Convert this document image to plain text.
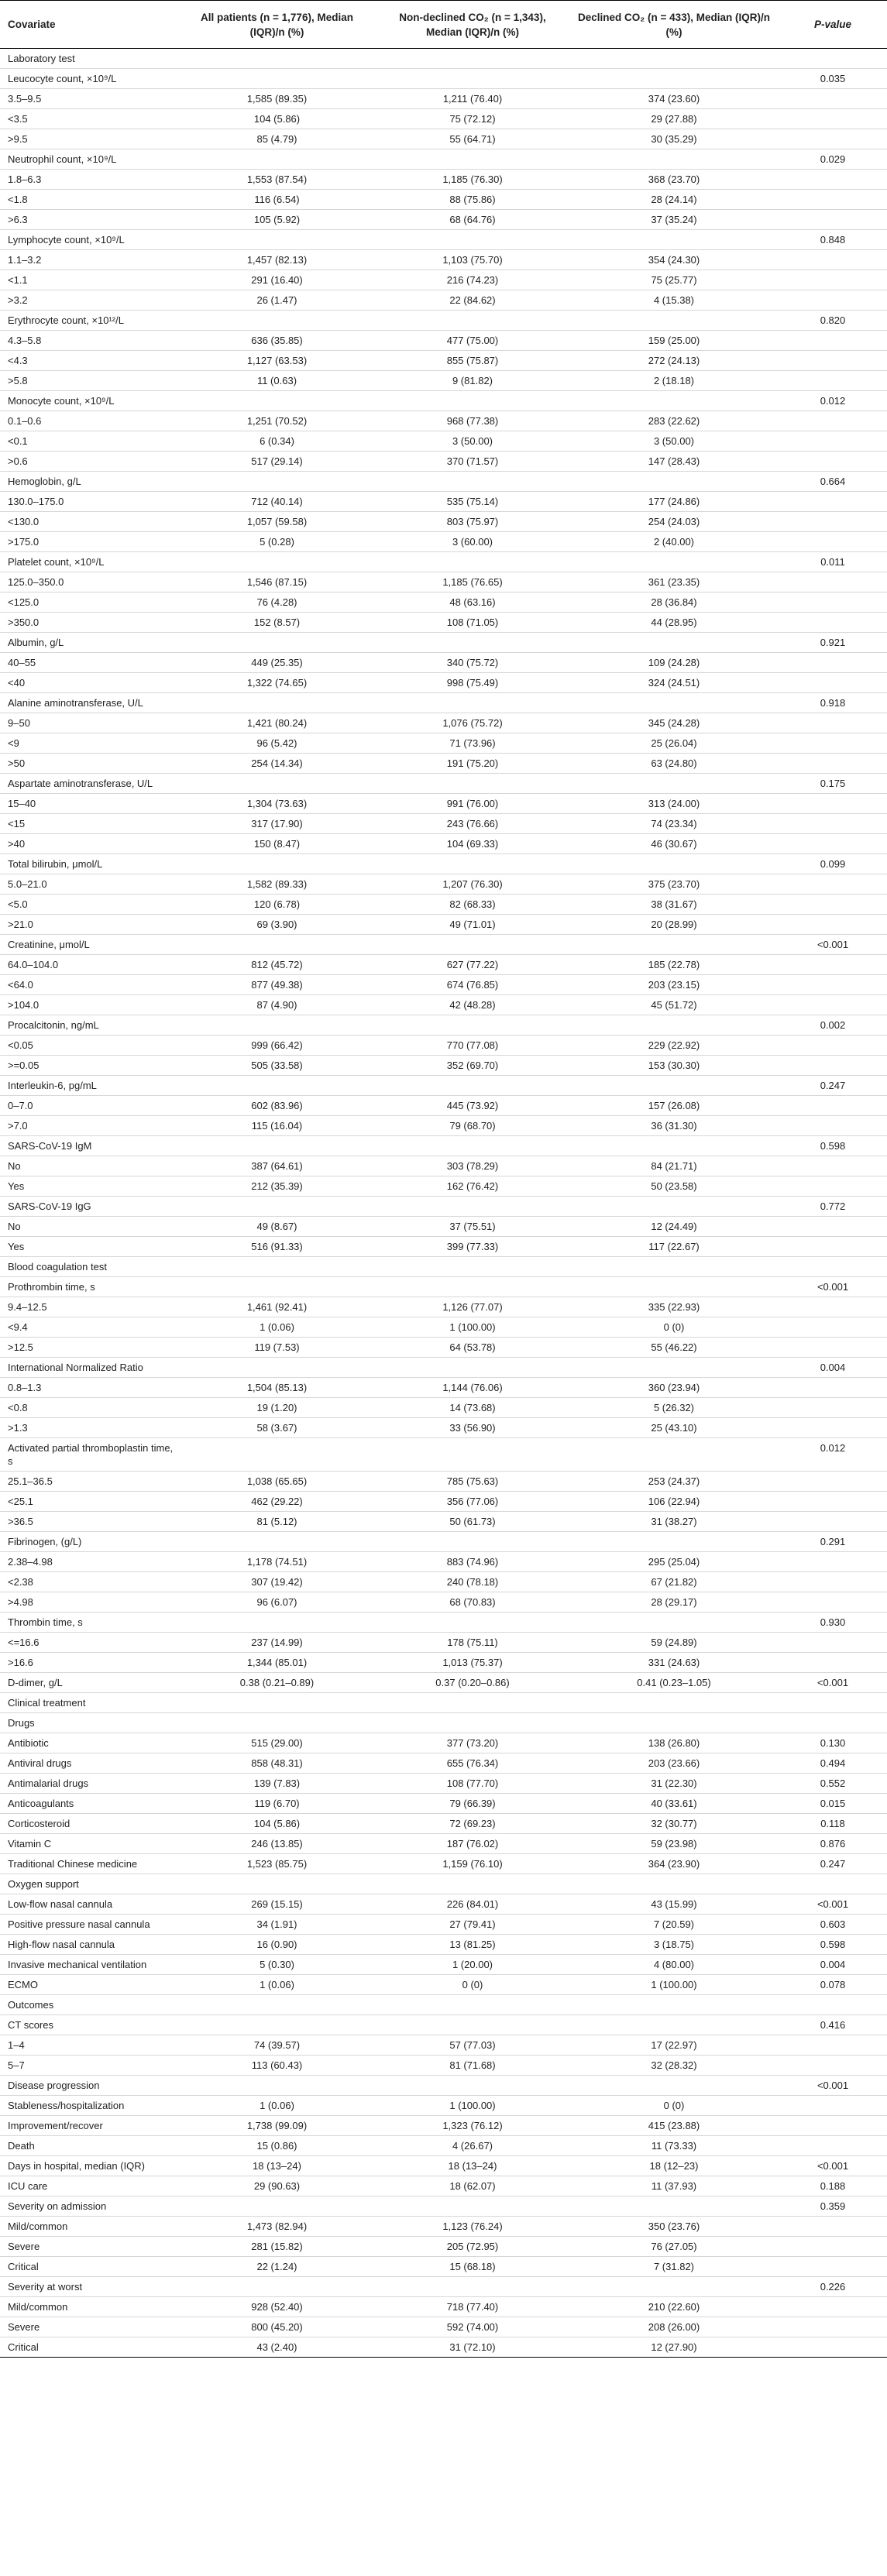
Covariate	All patients (n = 1,776), Median (IQR)/n (%)	Non-declined CO₂ (n = 1,343), Median (IQR)/n (%)	Declined CO₂ (n = 433), Median (IQR)/n (%)	P-value
Laboratory test				
Leucocyte count, ×10⁹/L				0.035
3.5–9.5	1,585 (89.35)	1,211 (76.40)	374 (23.60)	
<3.5	104 (5.86)	75 (72.12)	29 (27.88)	
>9.5	85 (4.79)	55 (64.71)	30 (35.29)	
Neutrophil count, ×10⁹/L				0.029
1.8–6.3	1,553 (87.54)	1,185 (76.30)	368 (23.70)	
<1.8	116 (6.54)	88 (75.86)	28 (24.14)	
>6.3	105 (5.92)	68 (64.76)	37 (35.24)	
Lymphocyte count, ×10⁹/L				0.848
1.1–3.2	1,457 (82.13)	1,103 (75.70)	354 (24.30)	
<1.1	291 (16.40)	216 (74.23)	75 (25.77)	
>3.2	26 (1.47)	22 (84.62)	4 (15.38)	
Erythrocyte count, ×10¹²/L				0.820
4.3–5.8	636 (35.85)	477 (75.00)	159 (25.00)	
<4.3	1,127 (63.53)	855 (75.87)	272 (24.13)	
>5.8	11 (0.63)	9 (81.82)	2 (18.18)	
Monocyte count, ×10⁹/L				0.012
0.1–0.6	1,251 (70.52)	968 (77.38)	283 (22.62)	
<0.1	6 (0.34)	3 (50.00)	3 (50.00)	
>0.6	517 (29.14)	370 (71.57)	147 (28.43)	
Hemoglobin, g/L				0.664
130.0–175.0	712 (40.14)	535 (75.14)	177 (24.86)	
<130.0	1,057 (59.58)	803 (75.97)	254 (24.03)	
>175.0	5 (0.28)	3 (60.00)	2 (40.00)	
Platelet count, ×10⁹/L				0.011
125.0–350.0	1,546 (87.15)	1,185 (76.65)	361 (23.35)	
<125.0	76 (4.28)	48 (63.16)	28 (36.84)	
>350.0	152 (8.57)	108 (71.05)	44 (28.95)	
Albumin, g/L				0.921
40–55	449 (25.35)	340 (75.72)	109 (24.28)	
<40	1,322 (74.65)	998 (75.49)	324 (24.51)	
Alanine aminotransferase, U/L				0.918
9–50	1,421 (80.24)	1,076 (75.72)	345 (24.28)	
<9	96 (5.42)	71 (73.96)	25 (26.04)	
>50	254 (14.34)	191 (75.20)	63 (24.80)	
Aspartate aminotransferase, U/L				0.175
15–40	1,304 (73.63)	991 (76.00)	313 (24.00)	
<15	317 (17.90)	243 (76.66)	74 (23.34)	
>40	150 (8.47)	104 (69.33)	46 (30.67)	
Total bilirubin, μmol/L				0.099
5.0–21.0	1,582 (89.33)	1,207 (76.30)	375 (23.70)	
<5.0	120 (6.78)	82 (68.33)	38 (31.67)	
>21.0	69 (3.90)	49 (71.01)	20 (28.99)	
Creatinine, μmol/L				<0.001
64.0–104.0	812 (45.72)	627 (77.22)	185 (22.78)	
<64.0	877 (49.38)	674 (76.85)	203 (23.15)	
>104.0	87 (4.90)	42 (48.28)	45 (51.72)	
Procalcitonin, ng/mL				0.002
<0.05	999 (66.42)	770 (77.08)	229 (22.92)	
>=0.05	505 (33.58)	352 (69.70)	153 (30.30)	
Interleukin-6, pg/mL				0.247
0–7.0	602 (83.96)	445 (73.92)	157 (26.08)	
>7.0	115 (16.04)	79 (68.70)	36 (31.30)	
SARS-CoV-19 IgM				0.598
No	387 (64.61)	303 (78.29)	84 (21.71)	
Yes	212 (35.39)	162 (76.42)	50 (23.58)	
SARS-CoV-19 IgG				0.772
No	49 (8.67)	37 (75.51)	12 (24.49)	
Yes	516 (91.33)	399 (77.33)	117 (22.67)	
Blood coagulation test				
Prothrombin time, s				<0.001
9.4–12.5	1,461 (92.41)	1,126 (77.07)	335 (22.93)	
<9.4	1 (0.06)	1 (100.00)	0 (0)	
>12.5	119 (7.53)	64 (53.78)	55 (46.22)	
International Normalized Ratio				0.004
0.8–1.3	1,504 (85.13)	1,144 (76.06)	360 (23.94)	
<0.8	19 (1.20)	14 (73.68)	5 (26.32)	
>1.3	58 (3.67)	33 (56.90)	25 (43.10)	
Activated partial thromboplastin time, s				0.012
25.1–36.5	1,038 (65.65)	785 (75.63)	253 (24.37)	
<25.1	462 (29.22)	356 (77.06)	106 (22.94)	
>36.5	81 (5.12)	50 (61.73)	31 (38.27)	
Fibrinogen, (g/L)				0.291
2.38–4.98	1,178 (74.51)	883 (74.96)	295 (25.04)	
<2.38	307 (19.42)	240 (78.18)	67 (21.82)	
>4.98	96 (6.07)	68 (70.83)	28 (29.17)	
Thrombin time, s				0.930
<=16.6	237 (14.99)	178 (75.11)	59 (24.89)	
>16.6	1,344 (85.01)	1,013 (75.37)	331 (24.63)	
D-dimer, g/L	0.38 (0.21–0.89)	0.37 (0.20–0.86)	0.41 (0.23–1.05)	<0.001
Clinical treatment				
Drugs				
Antibiotic	515 (29.00)	377 (73.20)	138 (26.80)	0.130
Antiviral drugs	858 (48.31)	655 (76.34)	203 (23.66)	0.494
Antimalarial drugs	139 (7.83)	108 (77.70)	31 (22.30)	0.552
Anticoagulants	119 (6.70)	79 (66.39)	40 (33.61)	0.015
Corticosteroid	104 (5.86)	72 (69.23)	32 (30.77)	0.118
Vitamin C	246 (13.85)	187 (76.02)	59 (23.98)	0.876
Traditional Chinese medicine	1,523 (85.75)	1,159 (76.10)	364 (23.90)	0.247
Oxygen support				
Low-flow nasal cannula	269 (15.15)	226 (84.01)	43 (15.99)	<0.001
Positive pressure nasal cannula	34 (1.91)	27 (79.41)	7 (20.59)	0.603
High-flow nasal cannula	16 (0.90)	13 (81.25)	3 (18.75)	0.598
Invasive mechanical ventilation	5 (0.30)	1 (20.00)	4 (80.00)	0.004
ECMO	1 (0.06)	0 (0)	1 (100.00)	0.078
Outcomes				
CT scores				0.416
1–4	74 (39.57)	57 (77.03)	17 (22.97)	
5–7	113 (60.43)	81 (71.68)	32 (28.32)	
Disease progression				<0.001
Stableness/hospitalization	1 (0.06)	1 (100.00)	0 (0)	
Improvement/recover	1,738 (99.09)	1,323 (76.12)	415 (23.88)	
Death	15 (0.86)	4 (26.67)	11 (73.33)	
Days in hospital, median (IQR)	18 (13–24)	18 (13–24)	18 (12–23)	<0.001
ICU care	29 (90.63)	18 (62.07)	11 (37.93)	0.188
Severity on admission				0.359
Mild/common	1,473 (82.94)	1,123 (76.24)	350 (23.76)	
Severe	281 (15.82)	205 (72.95)	76 (27.05)	
Critical	22 (1.24)	15 (68.18)	7 (31.82)	
Severity at worst				0.226
Mild/common	928 (52.40)	718 (77.40)	210 (22.60)	
Severe	800 (45.20)	592 (74.00)	208 (26.00)	
Critical	43 (2.40)	31 (72.10)	12 (27.90)	
